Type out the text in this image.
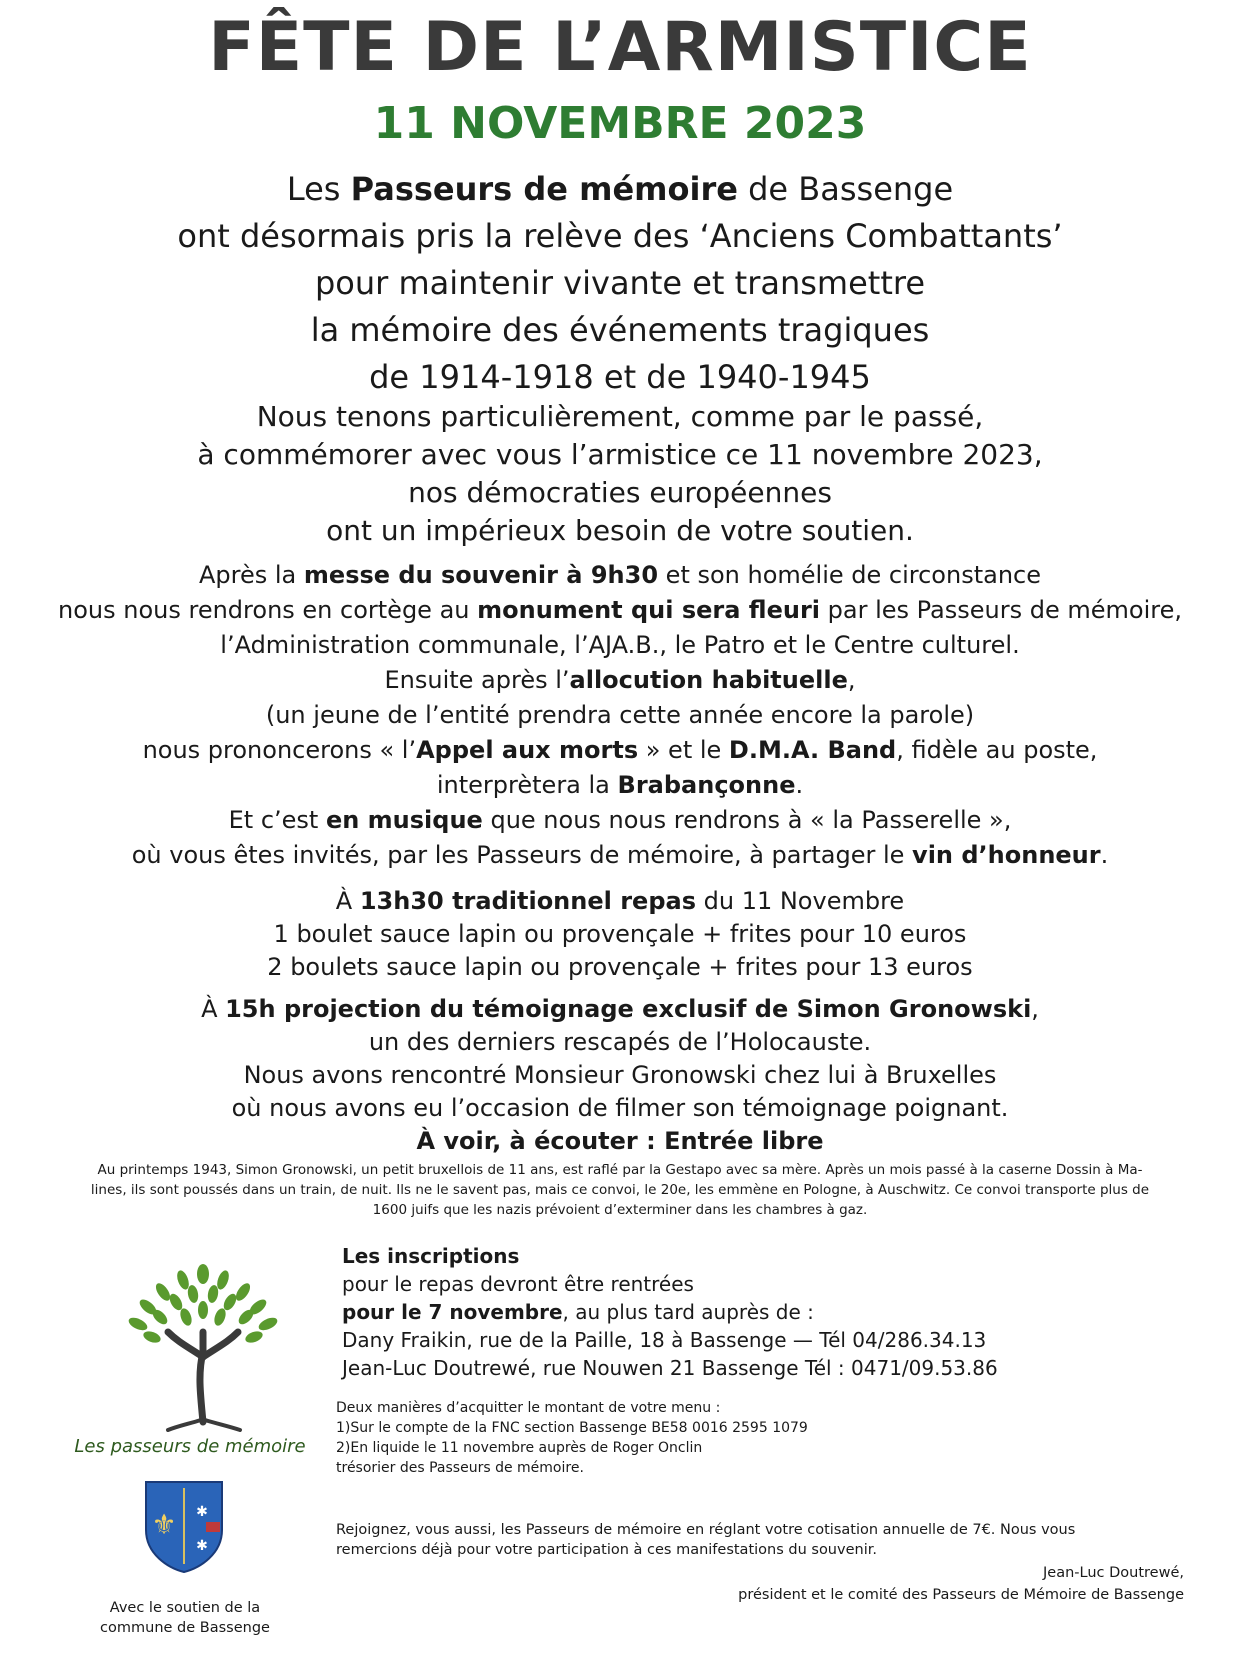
FÊTE DE L’ARMISTICE
11 NOVEMBRE 2023
Les Passeurs de mémoire de Bassenge
ont désormais pris la relève des ‘Anciens Combattants’
pour maintenir vivante et transmettre
la mémoire des événements tragiques
de 1914-1918 et de 1940-1945
Nous tenons particulièrement, comme par le passé,
à commémorer avec vous l’armistice ce 11 novembre 2023,
nos démocraties européennes
ont un impérieux besoin de votre soutien.
Après la messe du souvenir à 9h30 et son homélie de circonstance
nous nous rendrons en cortège au monument qui sera fleuri par les Passeurs de mémoire,
l’Administration communale, l’AJA.B., le Patro et le Centre culturel.
Ensuite après l’allocution habituelle,
(un jeune de l’entité prendra cette année encore la parole)
nous prononcerons « l’Appel aux morts » et le D.M.A. Band, fidèle au poste,
interprètera la Brabançonne.
Et c’est en musique que nous nous rendrons à « la Passerelle »,
où vous êtes invités, par les Passeurs de mémoire, à partager le vin d’honneur.
À 13h30 traditionnel repas du 11 Novembre
1 boulet sauce lapin ou provençale + frites pour 10 euros
2 boulets sauce lapin ou provençale + frites pour 13 euros
À 15h projection du témoignage exclusif de Simon Gronowski,
un des derniers rescapés de l’Holocauste.
Nous avons rencontré Monsieur Gronowski chez lui à Bruxelles
où nous avons eu l’occasion de filmer son témoignage poignant.
À voir, à écouter : Entrée libre
Au printemps 1943, Simon Gronowski, un petit bruxellois de 11 ans, est raflé par la Gestapo avec sa mère. Après un mois passé à la caserne Dossin à Ma-
lines, ils sont poussés dans un train, de nuit. Ils ne le savent pas, mais ce convoi, le 20e, les emmène en Pologne, à Auschwitz. Ce convoi transporte plus de
1600 juifs que les nazis prévoient d’exterminer dans les chambres à gaz.
Les passeurs de mémoire
⚜ ✱
✱
Avec le soutien de la
commune de Bassenge
Les inscriptions
pour le repas devront être rentrées
pour le 7 novembre, au plus tard auprès de :
Dany Fraikin, rue de la Paille, 18 à Bassenge — Tél 04/286.34.13
Jean-Luc Doutrewé, rue Nouwen 21 Bassenge Tél : 0471/09.53.86
Deux manières d’acquitter le montant de votre menu :
1)Sur le compte de la FNC section Bassenge BE58 0016 2595 1079
2)En liquide le 11 novembre auprès de Roger Onclin
trésorier des Passeurs de mémoire.
Rejoignez, vous aussi, les Passeurs de mémoire en réglant votre cotisation annuelle de 7€. Nous vous
remercions déjà pour votre participation à ces manifestations du souvenir.
Jean-Luc Doutrewé,
président et le comité des Passeurs de Mémoire de Bassenge
